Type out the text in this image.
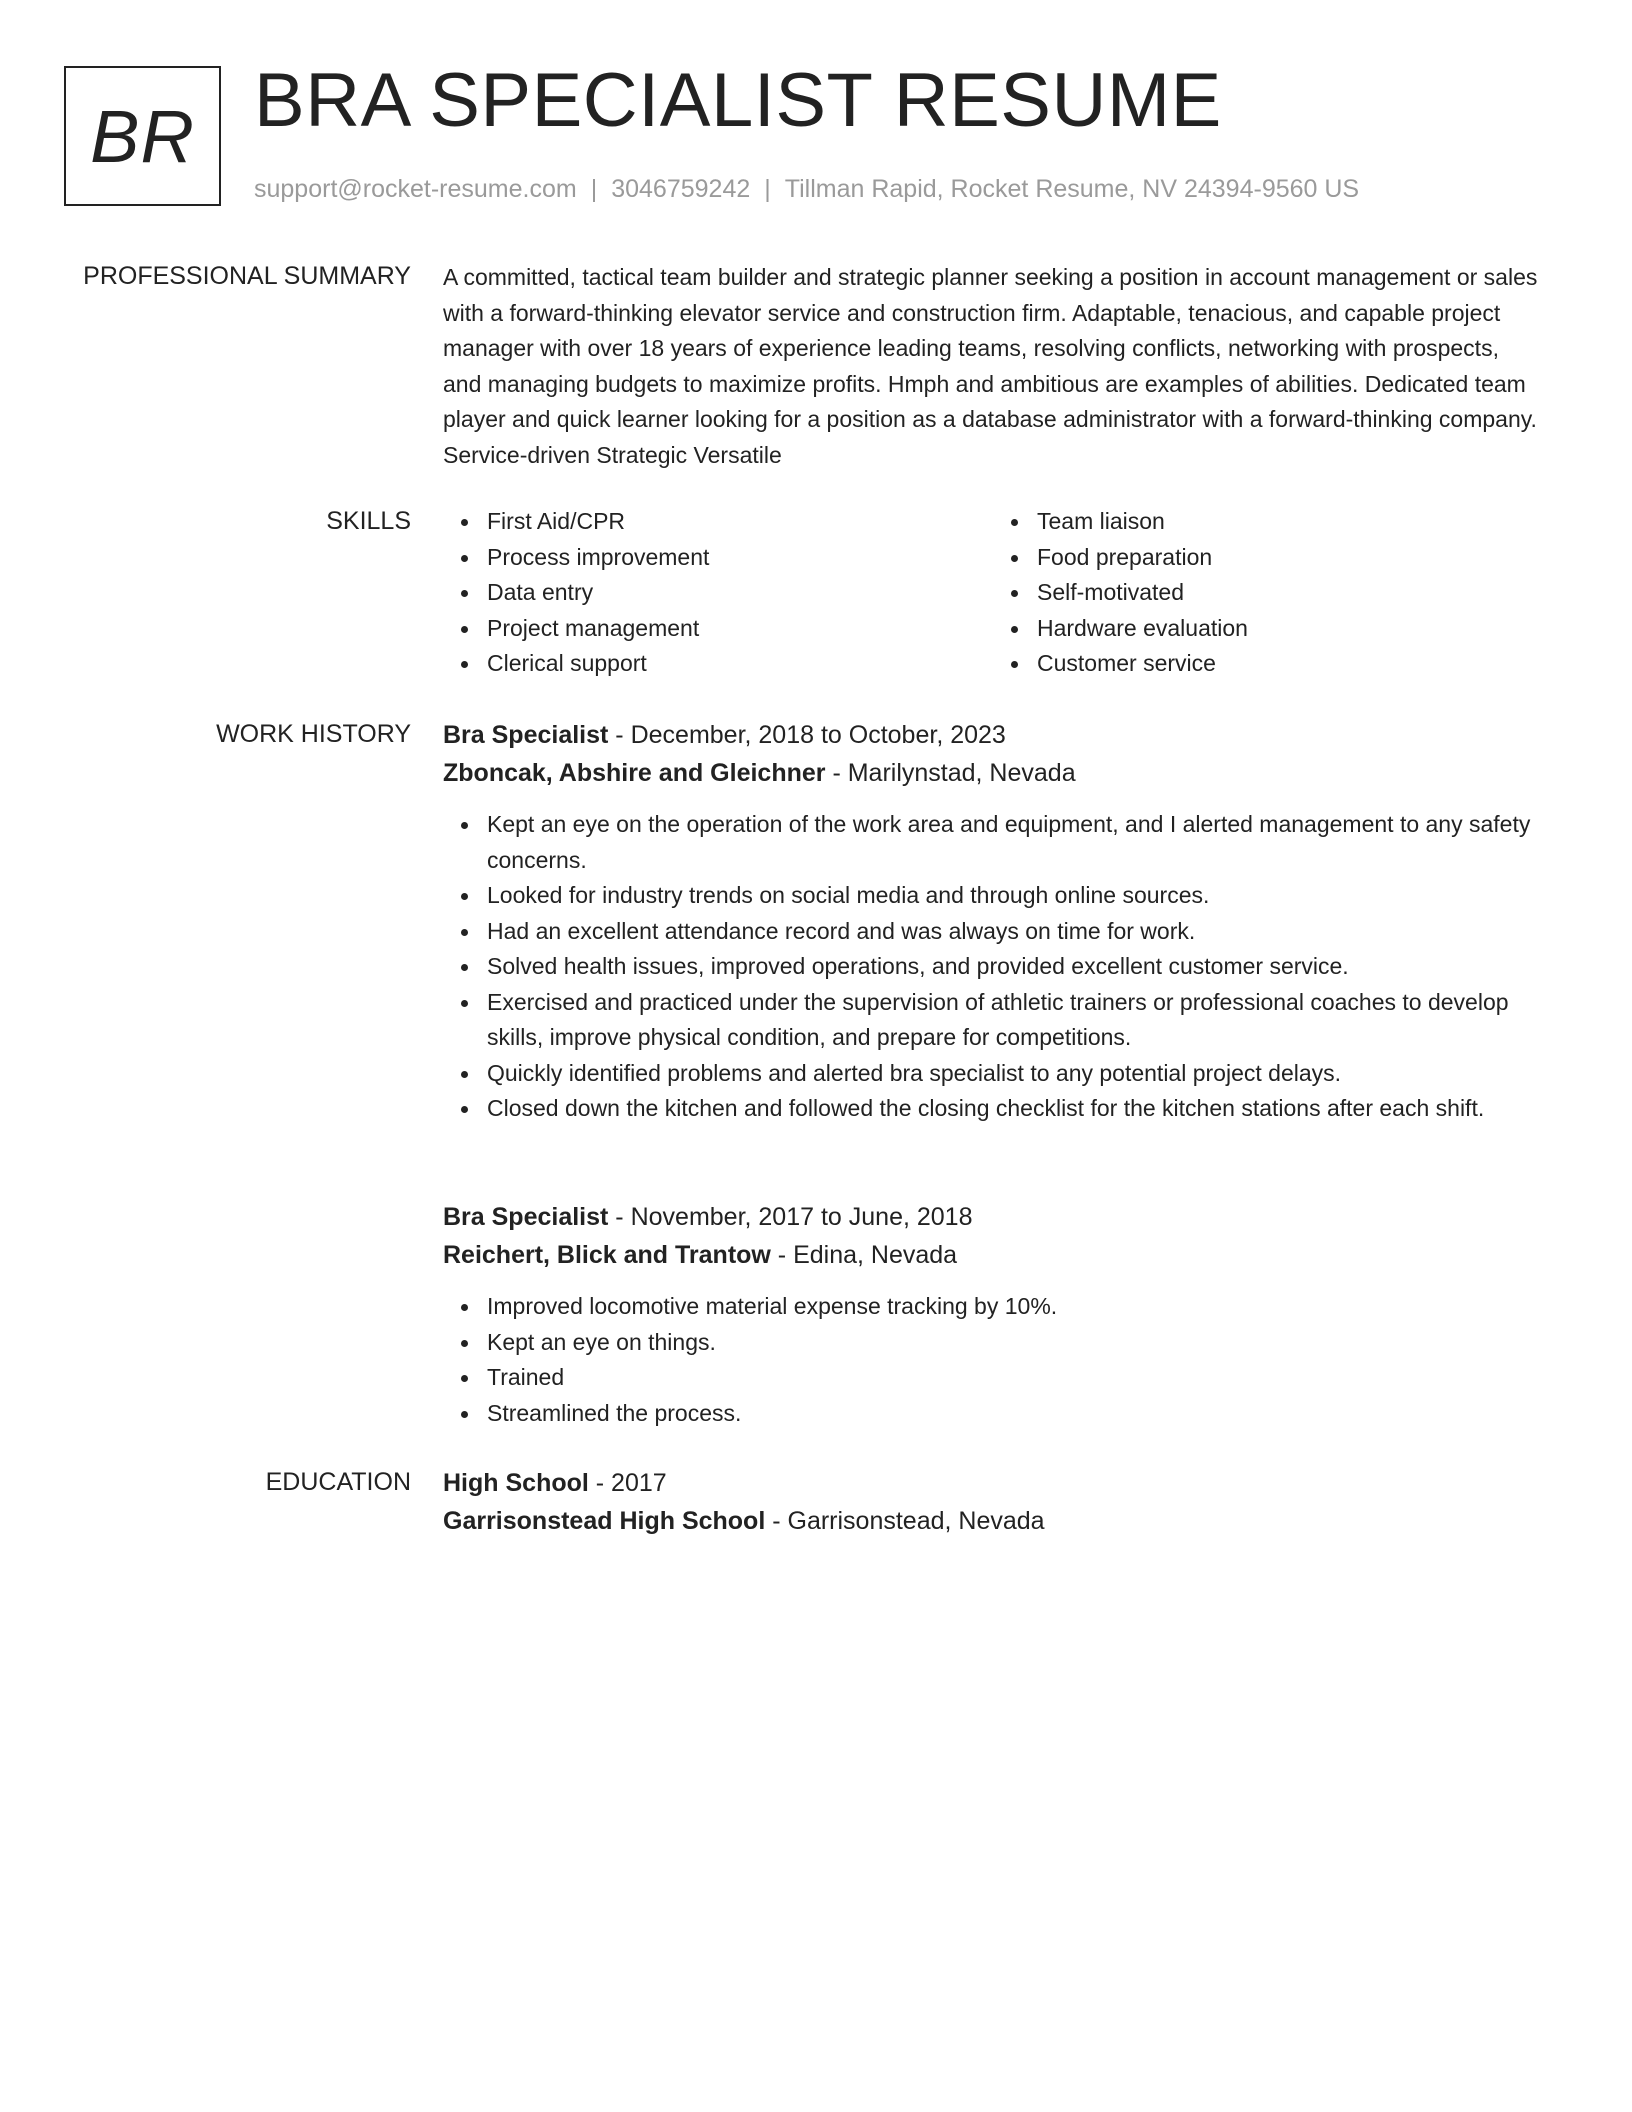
BR BRA SPECIALIST RESUME
support@rocket-resume.com | 3046759242 | Tillman Rapid, Rocket Resume, NV 24394-9560 US
PROFESSIONAL SUMMARY A committed, tactical team builder and strategic planner seeking a position in account management or sales with a forward-thinking elevator service and construction firm. Adaptable, tenacious, and capable project manager with over 18 years of experience leading teams, resolving conflicts, networking with prospects, and managing budgets to maximize profits. Hmph and ambitious are examples of abilities. Dedicated team player and quick learner looking for a position as a database administrator with a forward-thinking company. Service-driven Strategic Versatile

SKILLS	First Aid/CPR
Process improvement
Data entry
Project management
Clerical support
Team liaison
Food preparation
Self-motivated
Hardware evaluation
Customer service
WORK HISTORY Bra Specialist - December, 2018 to October, 2023
Zboncak, Abshire and Gleichner - Marilynstad, Nevada
Kept an eye on the operation of the work area and equipment, and I alerted management to any safety concerns.
Looked for industry trends on social media and through online sources.
Had an excellent attendance record and was always on time for work.
Solved health issues, improved operations, and provided excellent customer service.
Exercised and practiced under the supervision of athletic trainers or professional coaches to develop skills, improve physical condition, and prepare for competitions.
Quickly identified problems and alerted bra specialist to any potential project delays.
Closed down the kitchen and followed the closing checklist for the kitchen stations after each shift.
Bra Specialist - November, 2017 to June, 2018
Reichert, Blick and Trantow - Edina, Nevada
Improved locomotive material expense tracking by 10%.
Kept an eye on things.
Trained
Streamlined the process.
EDUCATION High School - 2017
Garrisonstead High School - Garrisonstead, Nevada
